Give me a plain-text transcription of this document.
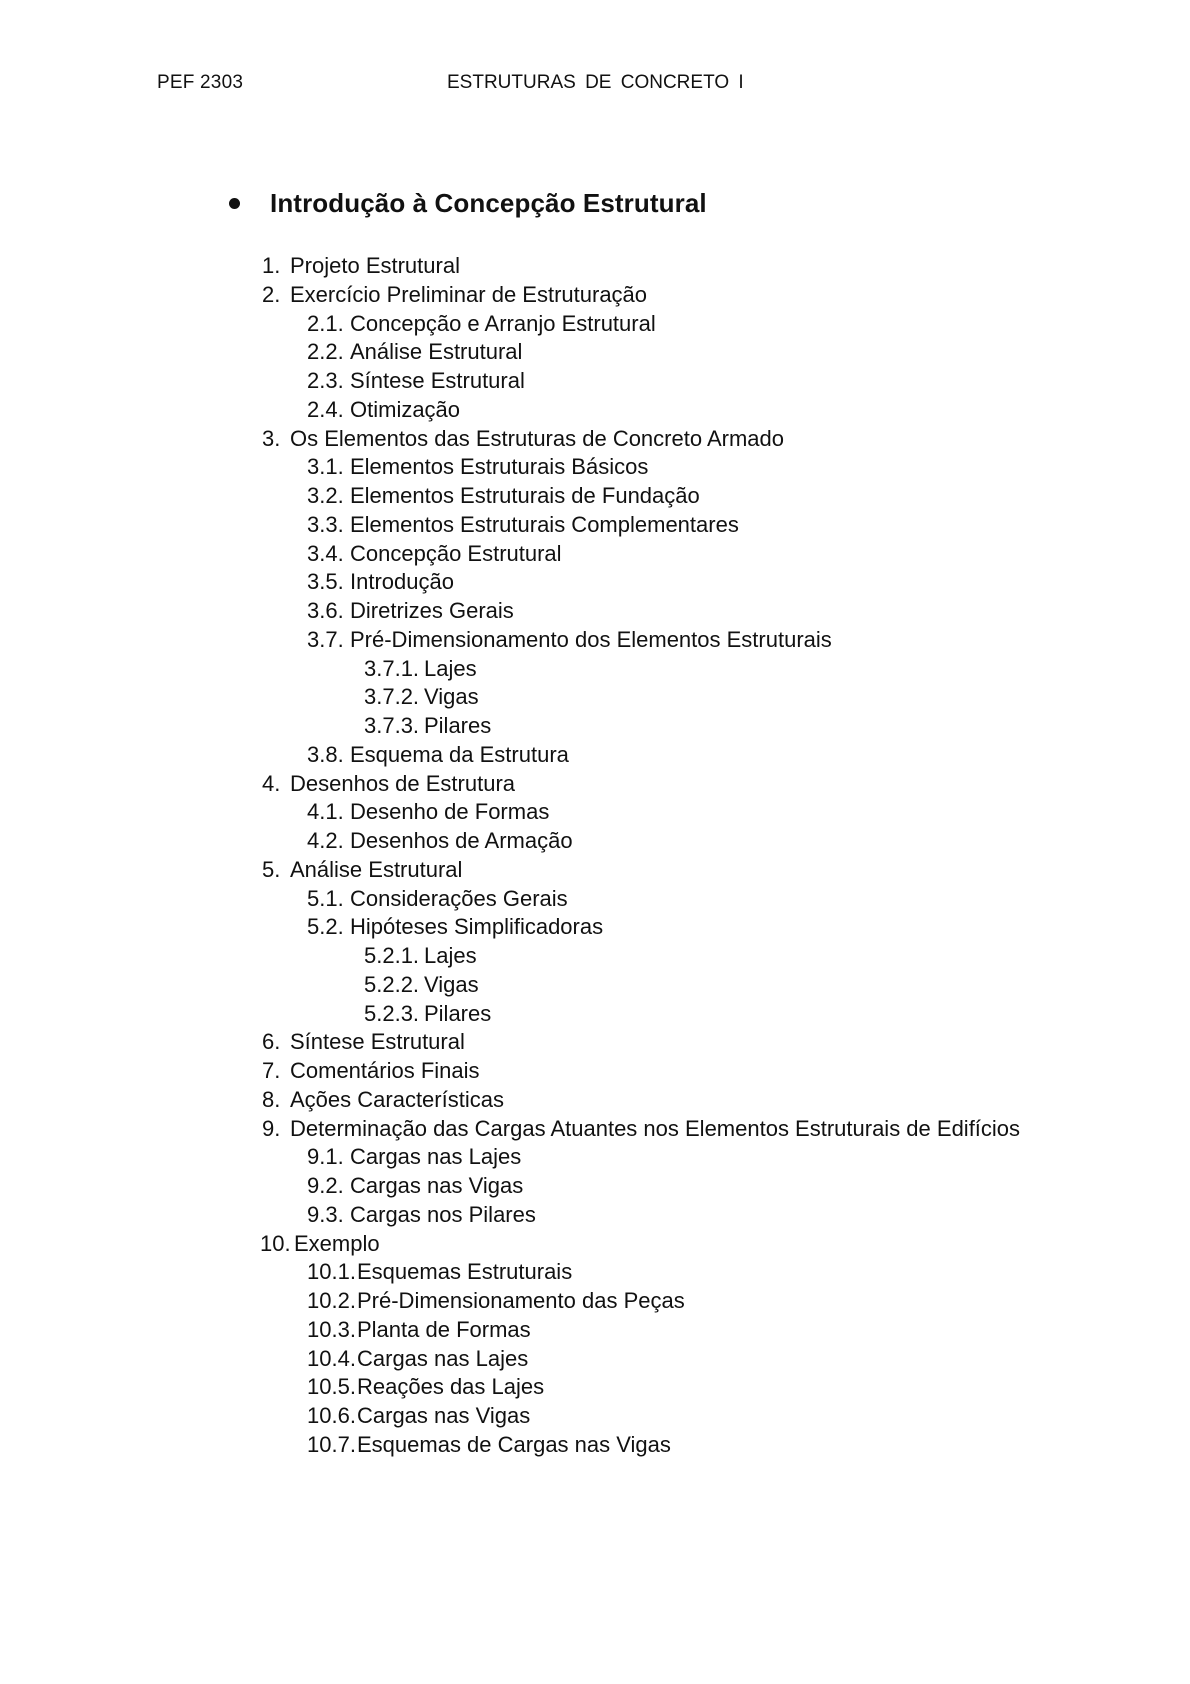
PEF 2303	ESTRUTURAS DE CONCRETO I
Introdução à Concepção Estrutural
1. Projeto Estrutural
2. Exercício Preliminar de Estruturação
2.1. Concepção e Arranjo Estrutural
2.2. Análise Estrutural
2.3. Síntese Estrutural
2.4. Otimização
3. Os Elementos das Estruturas de Concreto Armado
3.1. Elementos Estruturais Básicos
3.2. Elementos Estruturais de Fundação
3.3. Elementos Estruturais Complementares
3.4. Concepção Estrutural
3.5. Introdução
3.6. Diretrizes Gerais
3.7. Pré-Dimensionamento dos Elementos Estruturais
3.7.1. Lajes
3.7.2. Vigas
3.7.3. Pilares
3.8. Esquema da Estrutura
4. Desenhos de Estrutura
4.1. Desenho de Formas
4.2. Desenhos de Armação
5. Análise Estrutural
5.1. Considerações Gerais
5.2. Hipóteses Simplificadoras
5.2.1. Lajes
5.2.2. Vigas
5.2.3. Pilares
6. Síntese Estrutural
7. Comentários Finais
8. Ações Características
9. Determinação das Cargas Atuantes nos Elementos Estruturais de Edifícios
9.1. Cargas nas Lajes
9.2. Cargas nas Vigas
9.3. Cargas nos Pilares
10. Exemplo
10.1. Esquemas Estruturais
10.2. Pré-Dimensionamento das Peças
10.3. Planta de Formas
10.4. Cargas nas Lajes
10.5. Reações das Lajes
10.6. Cargas nas Vigas
10.7. Esquemas de Cargas nas Vigas
